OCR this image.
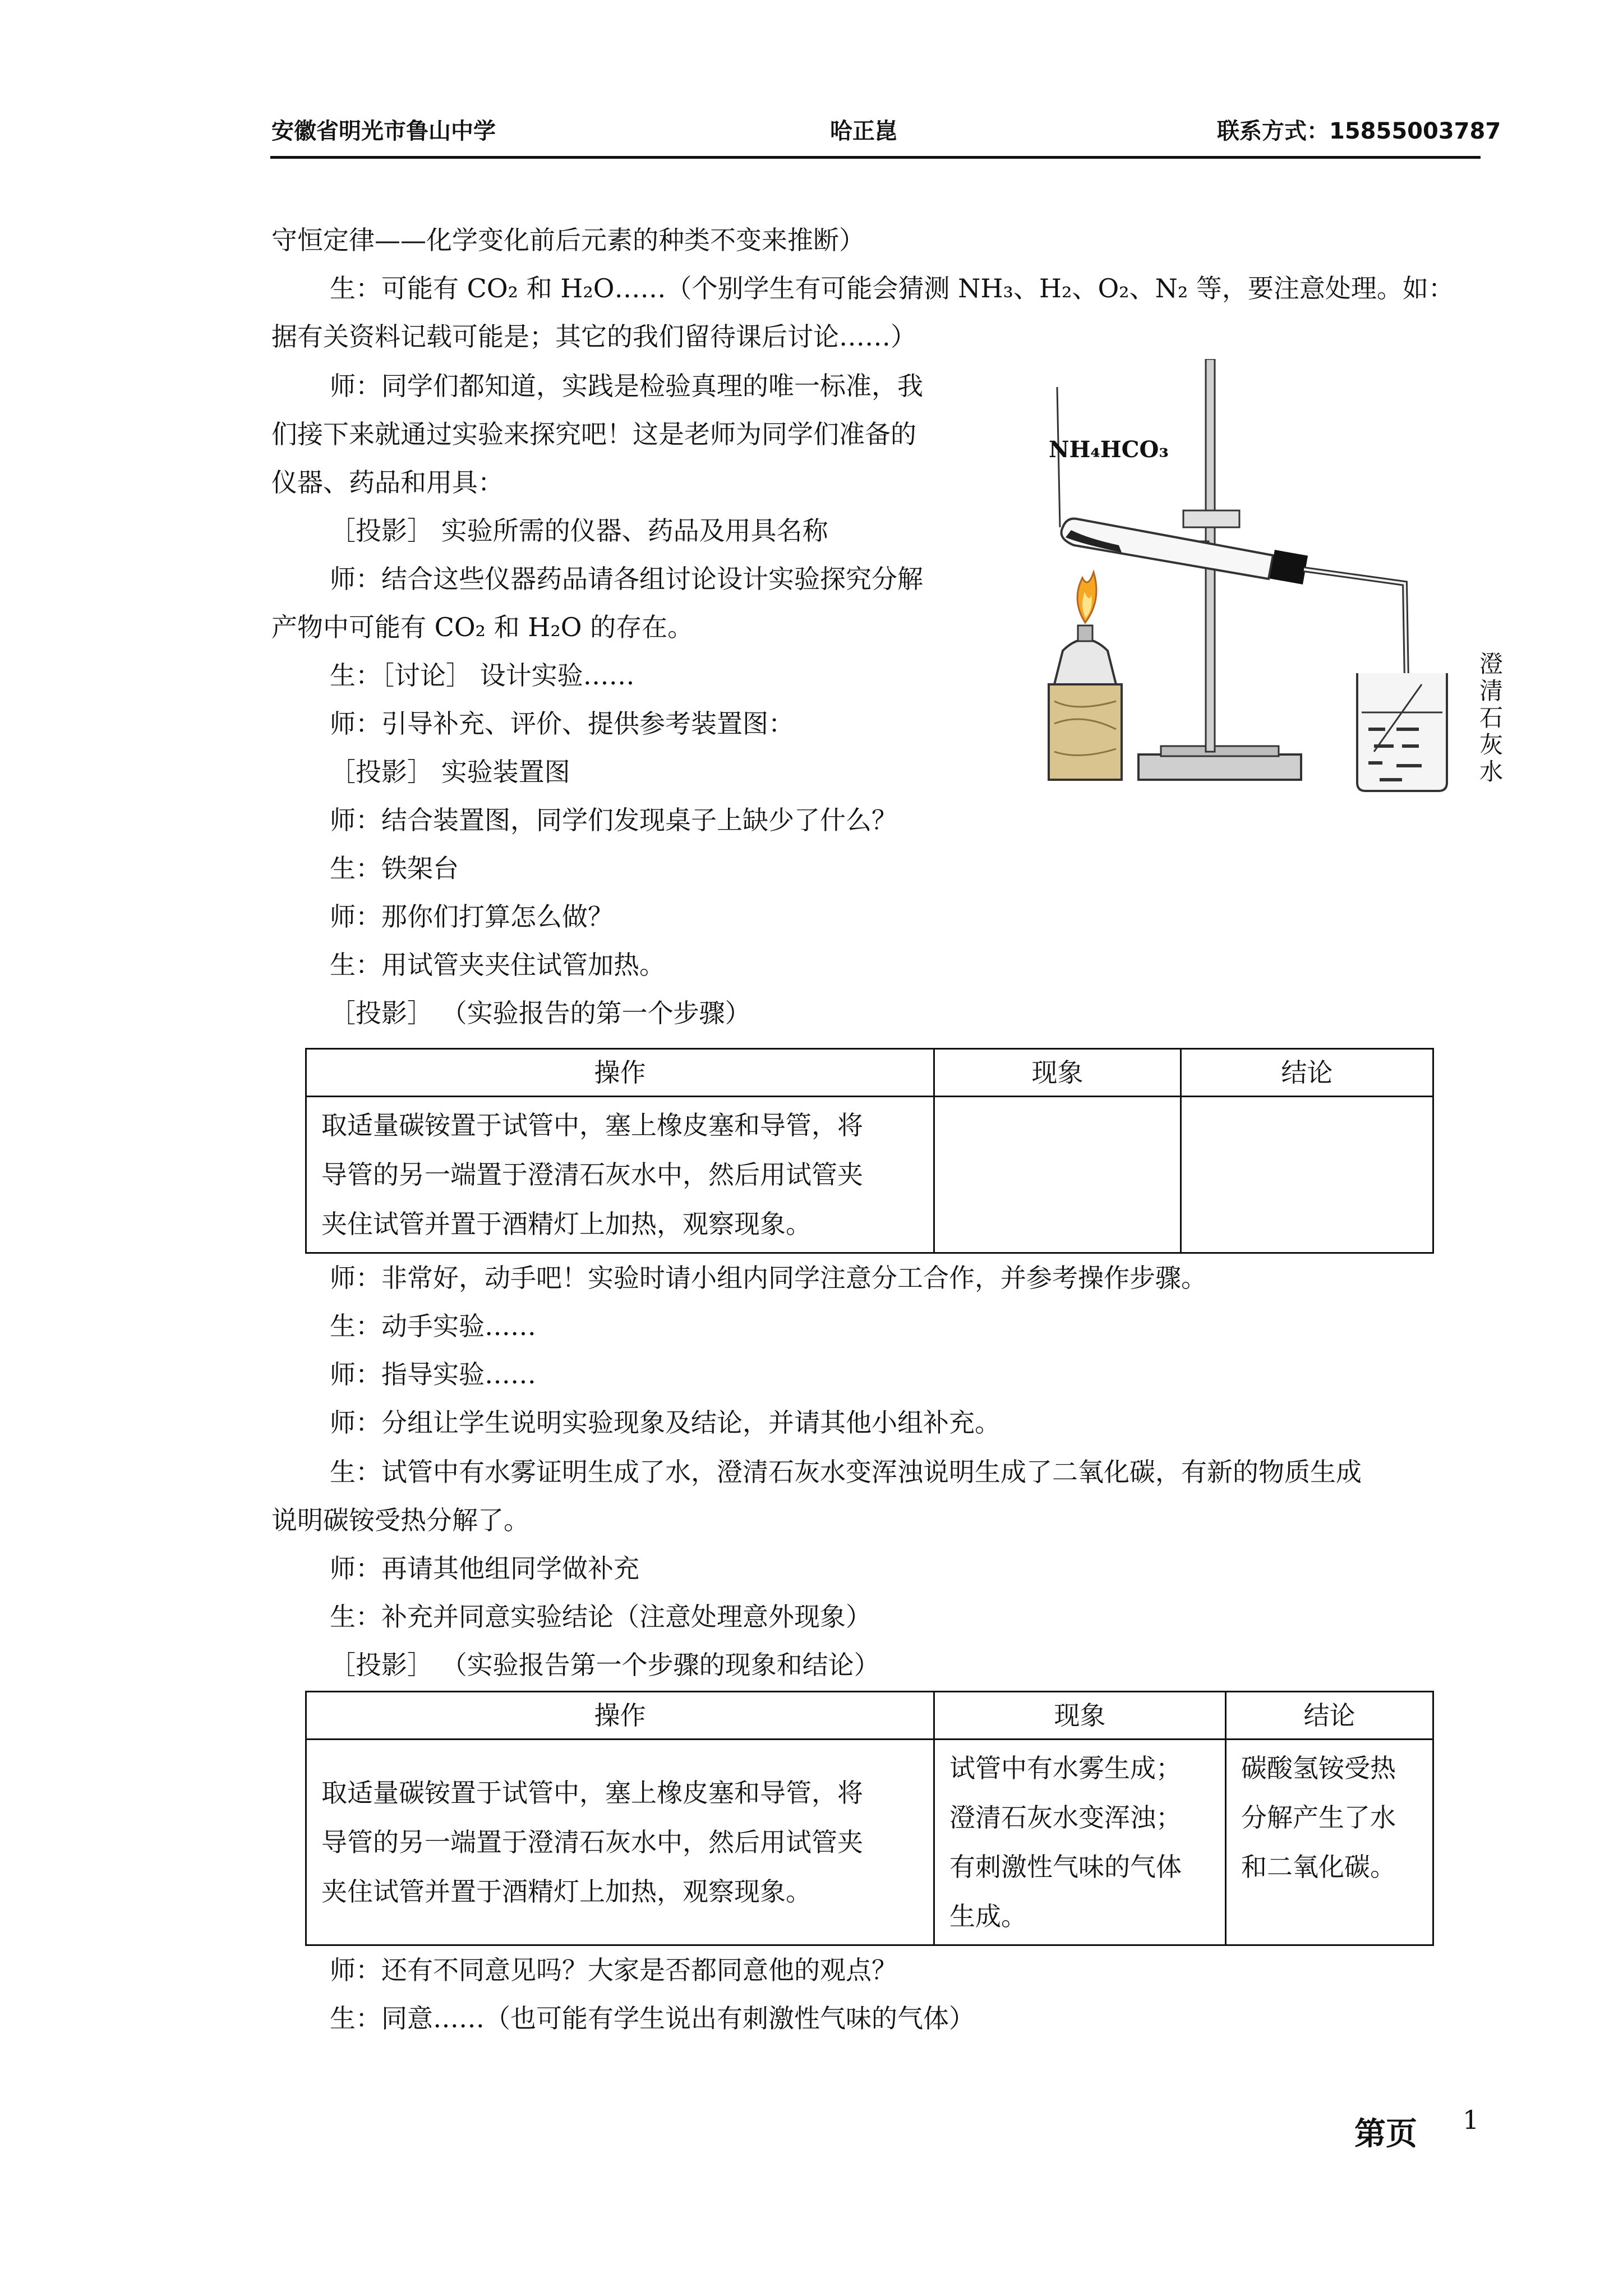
安徽省明光市鲁山中学	哈正崑	联系方式：15855003787
守恒定律——化学变化前后元素的种类不变来推断）
生：可能有 CO₂ 和 H₂O……（个别学生有可能会猜测 NH₃、H₂、O₂、N₂ 等，要注意处理。如：
据有关资料记载可能是；其它的我们留待课后讨论……）
师：同学们都知道，实践是检验真理的唯一标准，我
们接下来就通过实验来探究吧！这是老师为同学们准备的
仪器、药品和用具：
［投影］ 实验所需的仪器、药品及用具名称
师：结合这些仪器药品请各组讨论设计实验探究分解
产物中可能有 CO₂ 和 H₂O 的存在。
生：［讨论］ 设计实验……
师：引导补充、评价、提供参考装置图：
［投影］ 实验装置图
师：结合装置图，同学们发现桌子上缺少了什么？
生：铁架台
师：那你们打算怎么做？
生：用试管夹夹住试管加热。
［投影］ （实验报告的第一个步骤）
NH₄HCO₃
澄清石灰水
操作	现象	结论
取适量碳铵置于试管中，塞上橡皮塞和导管，将
导管的另一端置于澄清石灰水中，然后用试管夹
夹住试管并置于酒精灯上加热，观察现象。		
师：非常好，动手吧！实验时请小组内同学注意分工合作，并参考操作步骤。
生：动手实验……
师：指导实验……
师：分组让学生说明实验现象及结论，并请其他小组补充。
生：试管中有水雾证明生成了水，澄清石灰水变浑浊说明生成了二氧化碳，有新的物质生成
说明碳铵受热分解了。
师：再请其他组同学做补充
生：补充并同意实验结论（注意处理意外现象）
［投影］ （实验报告第一个步骤的现象和结论）
操作	现象	结论
取适量碳铵置于试管中，塞上橡皮塞和导管，将
导管的另一端置于澄清石灰水中，然后用试管夹
夹住试管并置于酒精灯上加热，观察现象。	试管中有水雾生成；
澄清石灰水变浑浊；
有刺激性气味的气体
生成。	碳酸氢铵受热
分解产生了水
和二氧化碳。
师：还有不同意见吗？大家是否都同意他的观点？
生：同意……（也可能有学生说出有刺激性气味的气体）
第页 1
